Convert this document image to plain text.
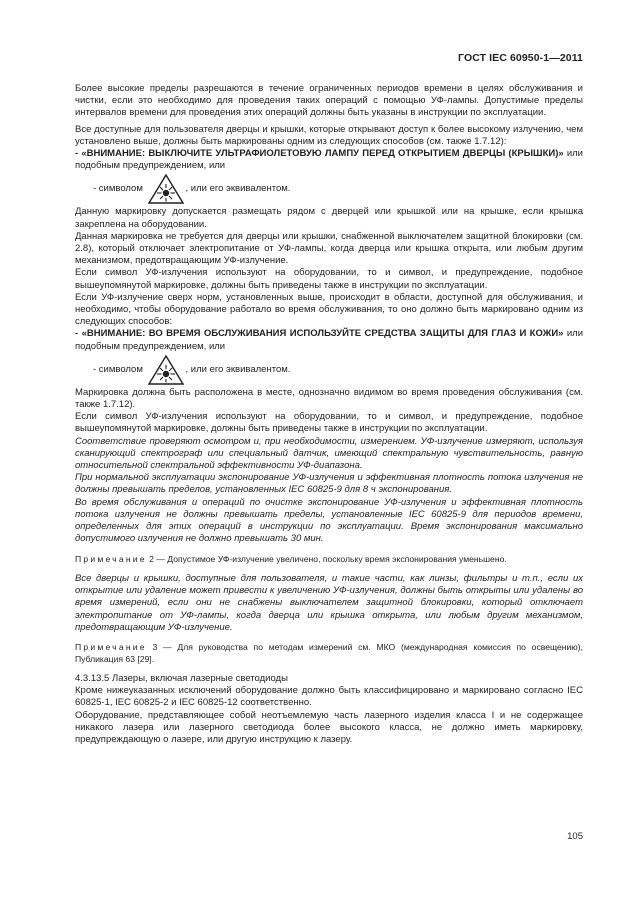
ГОСТ IEC 60950-1—2011

Более высокие пределы разрешаются в течение ограниченных периодов времени в целях обслуживания и чистки, если это необходимо для проведения таких операций с помощью УФ-лампы. Допустимые пределы интервалов времени для проведения этих операций должны быть указаны в инструкции по эксплуатации.

Все доступные для пользователя дверцы и крышки, которые открывают доступ к более высокому излучению, чем установлено выше, должны быть маркированы одним из следующих способов (см. также 1.7.12):

- «ВНИМАНИЕ: ВЫКЛЮЧИТЕ УЛЬТРАФИОЛЕТОВУЮ ЛАМПУ ПЕРЕД ОТКРЫТИЕМ ДВЕРЦЫ (КРЫШКИ)» или подобным предупреждением, или

- символом	, или его эквивалентом.

Данную маркировку допускается размещать рядом с дверцей или крышкой или на крышке, если крышка закреплена на оборудовании.

Данная маркировка не требуется для дверцы или крышки, снабженной выключателем защитной блокировки (см. 2.8), который отключает электропитание от УФ-лампы, когда дверца или крышка открыта, или любым другим механизмом, предотвращающим УФ-излучение.

Если символ УФ-излучения используют на оборудовании, то и символ, и предупреждение, подобное вышеупомянутой маркировке, должны быть приведены также в инструкции по эксплуатации.

Если УФ-излучение сверх норм, установленных выше, происходит в области, доступной для обслуживания, и необходимо, чтобы оборудование работало во время обслуживания, то оно должно быть маркировано одним из следующих способов:

- «ВНИМАНИЕ: ВО ВРЕМЯ ОБСЛУЖИВАНИЯ ИСПОЛЬЗУЙТЕ СРЕДСТВА ЗАЩИТЫ ДЛЯ ГЛАЗ И КОЖИ» или подобным предупреждением, или

- символом	, или его эквивалентом.

Маркировка должна быть расположена в месте, однозначно видимом во время проведения обслуживания (см. также 1.7.12).

Если символ УФ-излучения используют на оборудовании, то и символ, и предупреждение, подобное вышеупомянутой маркировке, должны быть приведены также в инструкции по эксплуатации.

Соответствие проверяют осмотром и, при необходимости, измерением. УФ-излучение измеряют, используя сканирующий спектрограф или специальный датчик, имеющий спектральную чувствительность, равную относительной спектральной эффективности УФ-диапазона.

При нормальной эксплуатации экспонирование УФ-излучения и эффективная плотность потока излучения не должны превышать пределов, установленных IEC 60825-9 для 8 ч экспонирования.

Во время обслуживания и операций по очистке экспонирование УФ-излучения и эффективная плотность потока излучения не должны превышать пределы, установленные IEC 60825-9 для периодов времени, определенных для этих операций в инструкции по эксплуатации. Время экспонирования максимально допустимого излучения не должно превышать 30 мин.

Примечание 2 — Допустимое УФ-излучение увеличено, поскольку время экспонирования уменьшено.

Все дверцы и крышки, доступные для пользователя, и такие части, как линзы, фильтры и т.п., если их открытие или удаление может привести к увеличению УФ-излучения, должны быть открыты или удалены во время измерений, если они не снабжены выключателем защитной блокировки, который отключает электропитание от УФ-лампы, когда дверца или крышка открыта, или любым другим механизмом, предотвращающим УФ-излучение.

Примечание 3 — Для руководства по методам измерений см. МКО (международная комиссия по освещению), Публикация 63 [29].

4.3.13.5 Лазеры, включая лазерные светодиоды

Кроме нижеуказанных исключений оборудование должно быть классифицировано и маркировано согласно IEC 60825-1, IEC 60825-2 и IEC 60825-12 соответственно.

Оборудование, представляющее собой неотъемлемую часть лазерного изделия класса I и не содержащее никакого лазера или лазерного светодиода более высокого класса, не должно иметь маркировку, предупреждающую о лазере, или другую инструкцию к лазеру.

105
